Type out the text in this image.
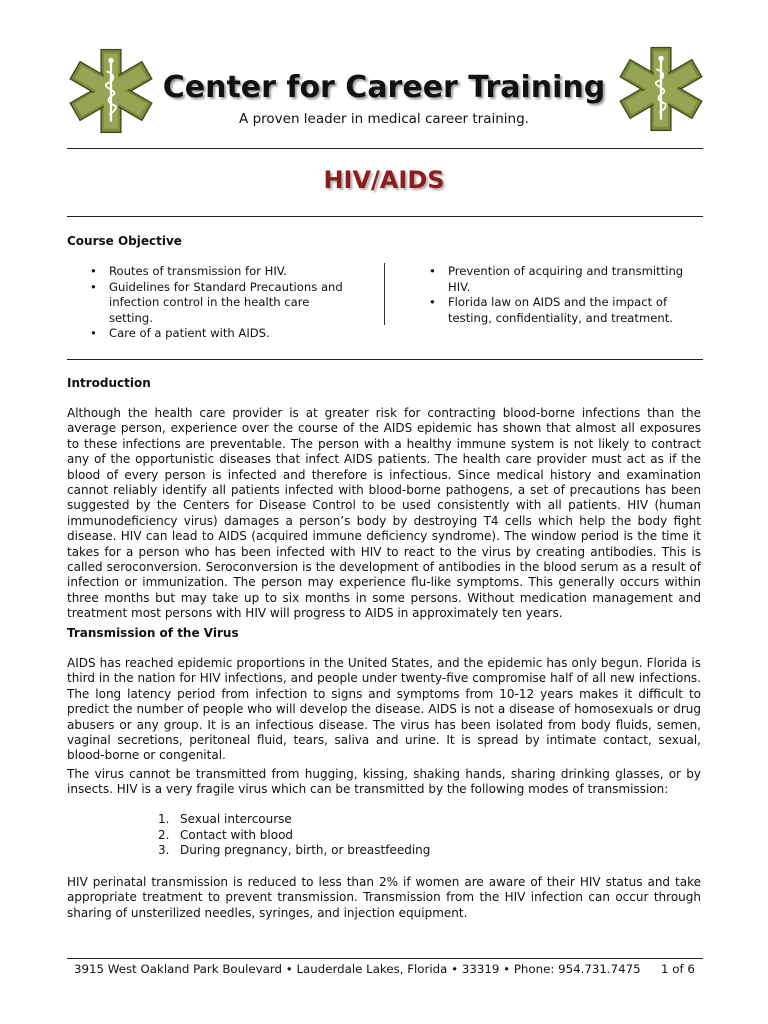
Center for Career Training
A proven leader in medical career training.
HIV/AIDS
Course Objective
• Routes of transmission for HIV.
• Guidelines for Standard Precautions and infection control in the health care setting.
• Care of a patient with AIDS.
• Prevention of acquiring and transmitting HIV.
• Florida law on AIDS and the impact of testing, confidentiality, and treatment.
Introduction

Although the health care provider is at greater risk for contracting blood-borne infections than the average person, experience over the course of the AIDS epidemic has shown that almost all exposures to these infections are preventable. The person with a healthy immune system is not likely to contract any of the opportunistic diseases that infect AIDS patients. The health care provider must act as if the blood of every person is infected and therefore is infectious. Since medical history and examination cannot reliably identify all patients infected with blood-borne pathogens, a set of precautions has been suggested by the Centers for Disease Control to be used consistently with all patients. HIV (human immunodeficiency virus) damages a person’s body by destroying T4 cells which help the body fight disease. HIV can lead to AIDS (acquired immune deficiency syndrome). The window period is the time it takes for a person who has been infected with HIV to react to the virus by creating antibodies. This is called seroconversion. Seroconversion is the development of antibodies in the blood serum as a result of infection or immunization. The person may experience flu-like symptoms. This generally occurs within three months but may take up to six months in some persons. Without medication management and treatment most persons with HIV will progress to AIDS in approximately ten years.

Transmission of the Virus

AIDS has reached epidemic proportions in the United States, and the epidemic has only begun. Florida is third in the nation for HIV infections, and people under twenty-five compromise half of all new infections. The long latency period from infection to signs and symptoms from 10-12 years makes it difficult to predict the number of people who will develop the disease. AIDS is not a disease of homosexuals or drug abusers or any group. It is an infectious disease. The virus has been isolated from body fluids, semen, vaginal secretions, peritoneal fluid, tears, saliva and urine. It is spread by intimate contact, sexual, blood-borne or congenital.

The virus cannot be transmitted from hugging, kissing, shaking hands, sharing drinking glasses, or by insects. HIV is a very fragile virus which can be transmitted by the following modes of transmission:

1. Sexual intercourse
2. Contact with blood
3. During pregnancy, birth, or breastfeeding

HIV perinatal transmission is reduced to less than 2% if women are aware of their HIV status and take appropriate treatment to prevent transmission. Transmission from the HIV infection can occur through sharing of unsterilized needles, syringes, and injection equipment.

3915 West Oakland Park Boulevard • Lauderdale Lakes, Florida • 33319 • Phone: 954.731.7475 1 of 6
